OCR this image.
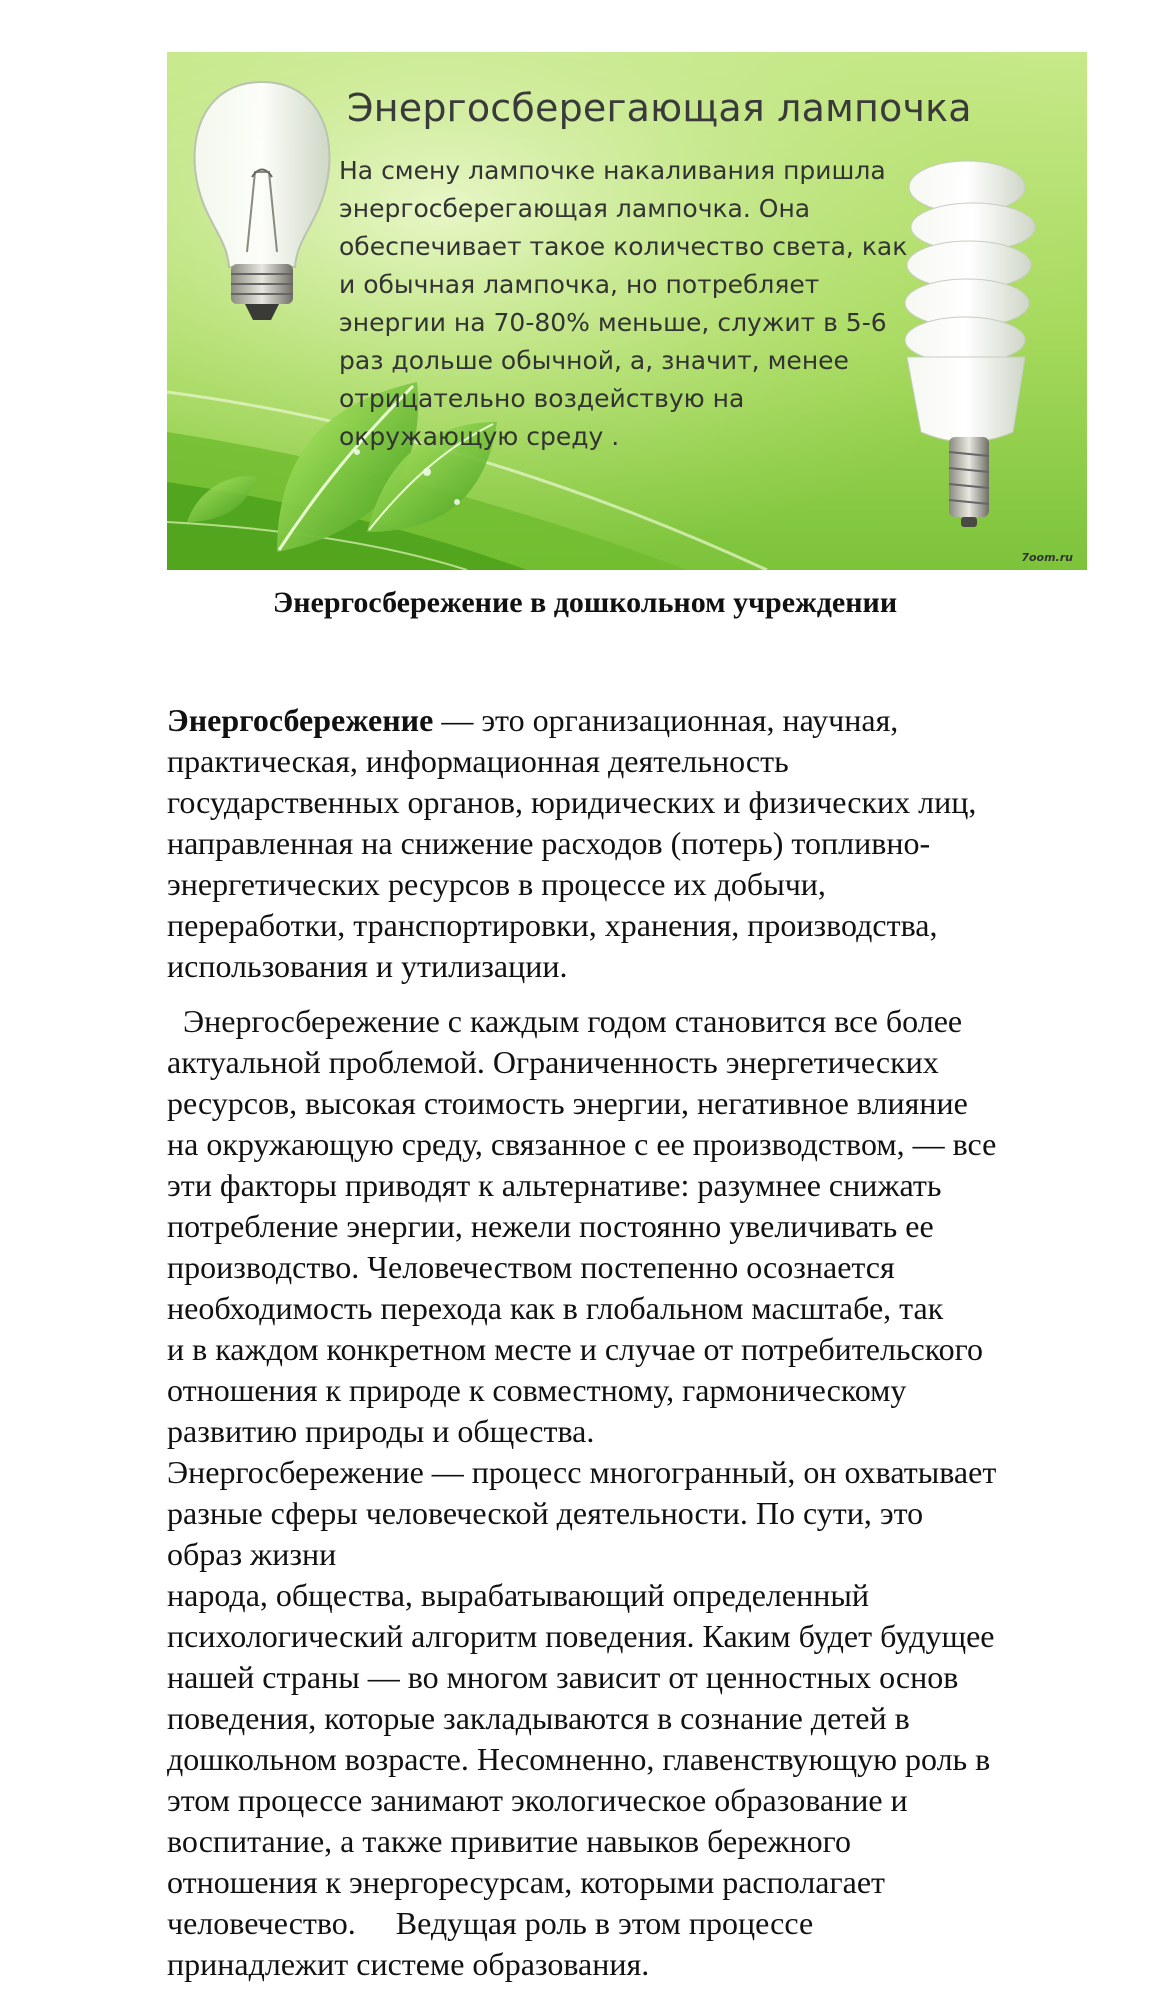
Энергосберегающая лампочка
На смену лампочке накаливания пришла
энергосберегающая лампочка. Она
обеспечивает такое количество света, как
и обычная лампочка, но потребляет
энергии на 70-80% меньше, служит в 5-6
раз дольше обычной, а, значит, менее
отрицательно воздействую на
окружающую среду .
7oom.ru
Энергосбережение в дошкольном учреждении
Энергосбережение — это организационная, научная,
практическая, информационная деятельность
государственных органов, юридических и физических лиц,
направленная на снижение расходов (потерь) топливно-
энергетических ресурсов в процессе их добычи,
переработки, транспортировки, хранения, производства,
использования и утилизации.
Энергосбережение с каждым годом становится все более
актуальной проблемой. Ограниченность энергетических
ресурсов, высокая стоимость энергии, негативное влияние
на окружающую среду, связанное с ее производством, — все
эти факторы приводят к альтернативе: разумнее снижать
потребление энергии, нежели постоянно увеличивать ее
производство. Человечеством постепенно осознается
необходимость перехода как в глобальном масштабе, так
и в каждом конкретном месте и случае от потребительского
отношения к природе к совместному, гармоническому
развитию природы и общества.
Энергосбережение — процесс многогранный, он охватывает
разные сферы человеческой деятельности. По сути, это
образ жизни
народа, общества, вырабатывающий определенный
психологический алгоритм поведения. Каким будет будущее
нашей страны — во многом зависит от ценностных основ
поведения, которые закладываются в сознание детей в
дошкольном возрасте. Несомненно, главенствующую роль в
этом процессе занимают экологическое образование и
воспитание, а также привитие навыков бережного
отношения к энергоресурсам, которыми располагает
человечество.     Ведущая роль в этом процессе
принадлежит системе образования.
